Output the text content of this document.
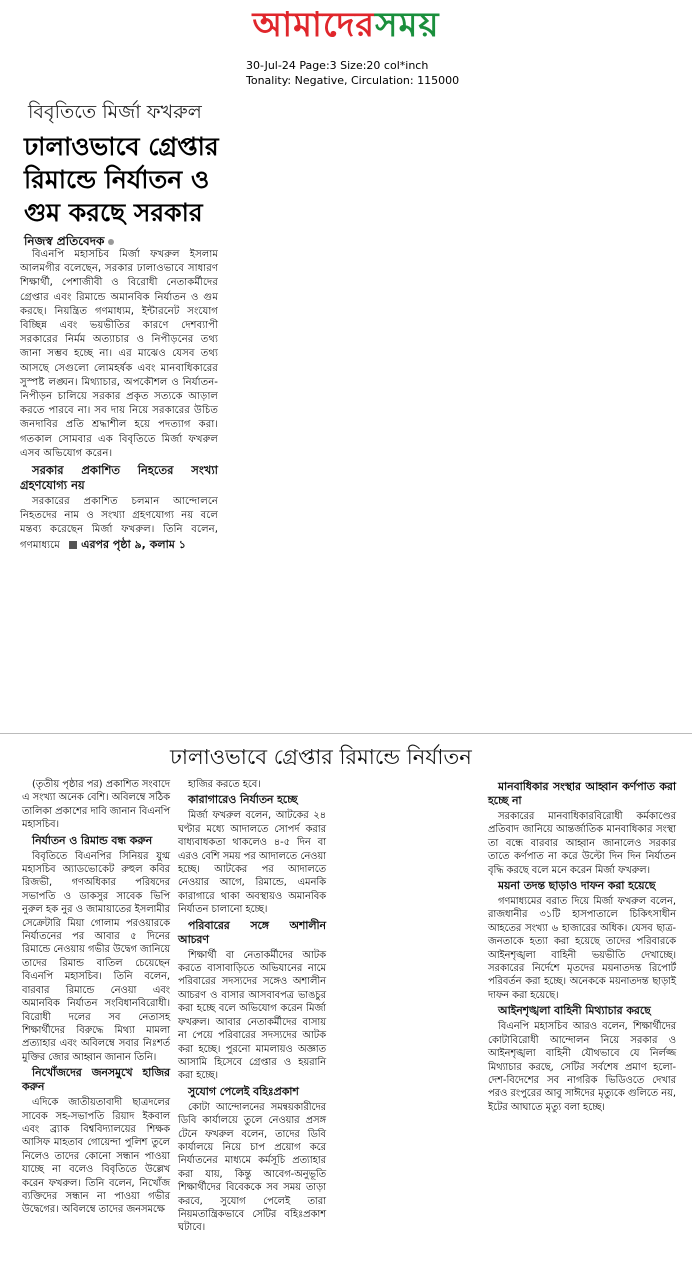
আমাদেরসময়
30-Jul-24 Page:3 Size:20 col*inch
Tonality: Negative, Circulation: 115000
বিবৃতিতে মির্জা ফখরুল
ঢালাওভাবে গ্রেপ্তার রিমান্ডে নির্যাতন ও গুম করছে সরকার
নিজস্ব প্রতিবেদক

বিএনপি মহাসচিব মির্জা ফখরুল ইসলাম আলমগীর বলেছেন, সরকার ঢালাওভাবে সাধারণ শিক্ষার্থী, পেশাজীবী ও বিরোধী নেতাকর্মীদের গ্রেপ্তার এবং রিমান্ডে অমানবিক নির্যাতন ও গুম করছে। নিয়ন্ত্রিত গণমাধ্যম, ইন্টারনেট সংযোগ বিচ্ছিন্ন এবং ভয়ভীতির কারণে দেশব্যাপী সরকারের নির্মম অত্যাচার ও নিপীড়নের তথ্য জানা সম্ভব হচ্ছে না। এর মাঝেও যেসব তথ্য আসছে সেগুলো লোমহর্ষক এবং মানবাধিকারের সুস্পষ্ট লঙ্ঘন। মিথ্যাচার, অপকৌশল ও নির্যাতন-নিপীড়ন চালিয়ে সরকার প্রকৃত সত্যকে আড়াল করতে পারবে না। সব দায় নিয়ে সরকারের উচিত জনদাবির প্রতি শ্রদ্ধাশীল হয়ে পদত্যাগ করা। গতকাল সোমবার এক বিবৃতিতে মির্জা ফখরুল এসব অভিযোগ করেন।

সরকার প্রকাশিত নিহতের সংখ্যা গ্রহণযোগ্য নয়

সরকারের প্রকাশিত চলমান আন্দোলনে নিহতদের নাম ও সংখ্যা গ্রহণযোগ্য নয় বলে মন্তব্য করেছেন মির্জা ফখরুল। তিনি বলেন, গণমাধ্যমে এরপর পৃষ্ঠা ৯, কলাম ১

ঢালাওভাবে গ্রেপ্তার রিমান্ডে নির্যাতন

(তৃতীয় পৃষ্ঠার পর) প্রকাশিত সংবাদে এ সংখ্যা অনেক বেশি। অবিলম্বে সঠিক তালিকা প্রকাশের দাবি জানান বিএনপি মহাসচিব।

নির্যাতন ও রিমান্ড বন্ধ করুন

বিবৃতিতে বিএনপির সিনিয়র যুগ্ম মহাসচিব অ্যাডভোকেট রুহুল কবির রিজভী, গণঅধিকার পরিষদের সভাপতি ও ডাকসুর সাবেক ভিপি নুরুল হক নুর ও জামায়াতের ইসলামীর সেক্রেটারি মিয়া গোলাম পরওয়ারকে নির্যাতনের পর আবার ৫ দিনের রিমান্ডে নেওয়ায় গভীর উদ্বেগ জানিয়ে তাদের রিমান্ড বাতিল চেয়েছেন বিএনপি মহাসচিব। তিনি বলেন, বারবার রিমান্ডে নেওয়া এবং অমানবিক নির্যাতন সংবিধানবিরোধী। বিরোধী দলের সব নেতাসহ শিক্ষার্থীদের বিরুদ্ধে মিথ্যা মামলা প্রত্যাহার এবং অবিলম্বে সবার নিঃশর্ত মুক্তির জোর আহ্বান জানান তিনি।

নিখোঁজদের জনসমুখে হাজির করুন

এদিকে জাতীয়তাবাদী ছাত্রদলের সাবেক সহ-সভাপতি রিয়াদ ইকবাল এবং ব্র্যাক বিশ্ববিদ্যালয়ের শিক্ষক আসিফ মাহতাব গোয়েন্দা পুলিশ তুলে নিলেও তাদের কোনো সন্ধান পাওয়া যাচ্ছে না বলেও বিবৃতিতে উল্লেখ করেন ফখরুল। তিনি বলেন, নিখোঁজ ব্যক্তিদের সন্ধান না পাওয়া গভীর উদ্বেগের। অবিলম্বে তাদের জনসমক্ষে

হাজির করতে হবে।

কারাগারেও নির্যাতন হচ্ছে

মির্জা ফখরুল বলেন, আটকের ২৪ ঘণ্টার মধ্যে আদালতে সোপর্দ করার বাধ্যবাধকতা থাকলেও ৪-৫ দিন বা এরও বেশি সময় পর আদালতে নেওয়া হচ্ছে। আটকের পর আদালতে নেওয়ার আগে, রিমান্ডে, এমনকি কারাগারে থাকা অবস্থায়ও অমানবিক নির্যাতন চালানো হচ্ছে।

পরিবারের সঙ্গে অশালীন আচরণ

শিক্ষার্থী বা নেতাকর্মীদের আটক করতে বাসাবাড়িতে অভিযানের নামে পরিবারের সদস্যদের সঙ্গেও অশালীন আচরণ ও বাসার আসবাবপত্র ভাঙচুর করা হচ্ছে বলে অভিযোগ করেন মির্জা ফখরুল। আবার নেতাকর্মীদের বাসায় না পেয়ে পরিবারের সদস্যদের আটক করা হচ্ছে। পুরনো মামলায়ও অজ্ঞাত আসামি হিসেবে গ্রেপ্তার ও হয়রানি করা হচ্ছে।

সুযোগ পেলেই বহিঃপ্রকাশ

কোটা আন্দোলনের সমন্বয়কারীদের ডিবি কার্যালয়ে তুলে নেওয়ার প্রসঙ্গ টেনে ফখরুল বলেন, তাদের ডিবি কার্যালয়ে নিয়ে চাপ প্রয়োগ করে নির্যাতনের মাধ্যমে কর্মসূচি প্রত্যাহার করা যায়, কিন্তু আবেগ-অনুভূতি শিক্ষার্থীদের বিবেককে সব সময় তাড়া করবে, সুযোগ পেলেই তারা নিয়মতান্ত্রিকভাবে সেটির বহিঃপ্রকাশ ঘটাবে।

মানবাধিকার সংস্থার আহ্বান কর্ণপাত করা হচ্ছে না

সরকারের মানবাধিকারবিরোধী কর্মকাণ্ডের প্রতিবাদ জানিয়ে আন্তর্জাতিক মানবাধিকার সংস্থা তা বন্ধে বারবার আহ্বান জানালেও সরকার তাতে কর্ণপাত না করে উল্টো দিন দিন নির্যাতন বৃদ্ধি করছে বলে মনে করেন মির্জা ফখরুল।

ময়না তদন্ত ছাড়াও দাফন করা হয়েছে

গণমাধ্যমের বরাত দিয়ে মির্জা ফখরুল বলেন, রাজধানীর ৩১টি হাসপাতালে চিকিৎসাধীন আহতের সংখ্যা ৬ হাজারের অধিক। যেসব ছাত্র-জনতাকে হত্যা করা হয়েছে তাদের পরিবারকে আইনশৃঙ্খলা বাহিনী ভয়ভীতি দেখাচ্ছে। সরকারের নির্দেশে মৃতদের ময়নাতদন্ত রিপোর্ট পরিবর্তন করা হচ্ছে। অনেককে ময়নাতদন্ত ছাড়াই দাফন করা হয়েছে।

আইনশৃঙ্খলা বাহিনী মিথ্যাচার করছে

বিএনপি মহাসচিব আরও বলেন, শিক্ষার্থীদের কোটাবিরোধী আন্দোলন নিয়ে সরকার ও আইনশৃঙ্খলা বাহিনী যৌথভাবে যে নির্লজ্জ মিথ্যাচার করছে, সেটির সর্বশেষ প্রমাণ হলো- দেশ-বিদেশের সব নাগরিক ভিডিওতে দেখার পরও রংপুরের আবু সাঈদের মৃত্যুকে গুলিতে নয়, ইটের আঘাতে মৃত্যু বলা হচ্ছে।
